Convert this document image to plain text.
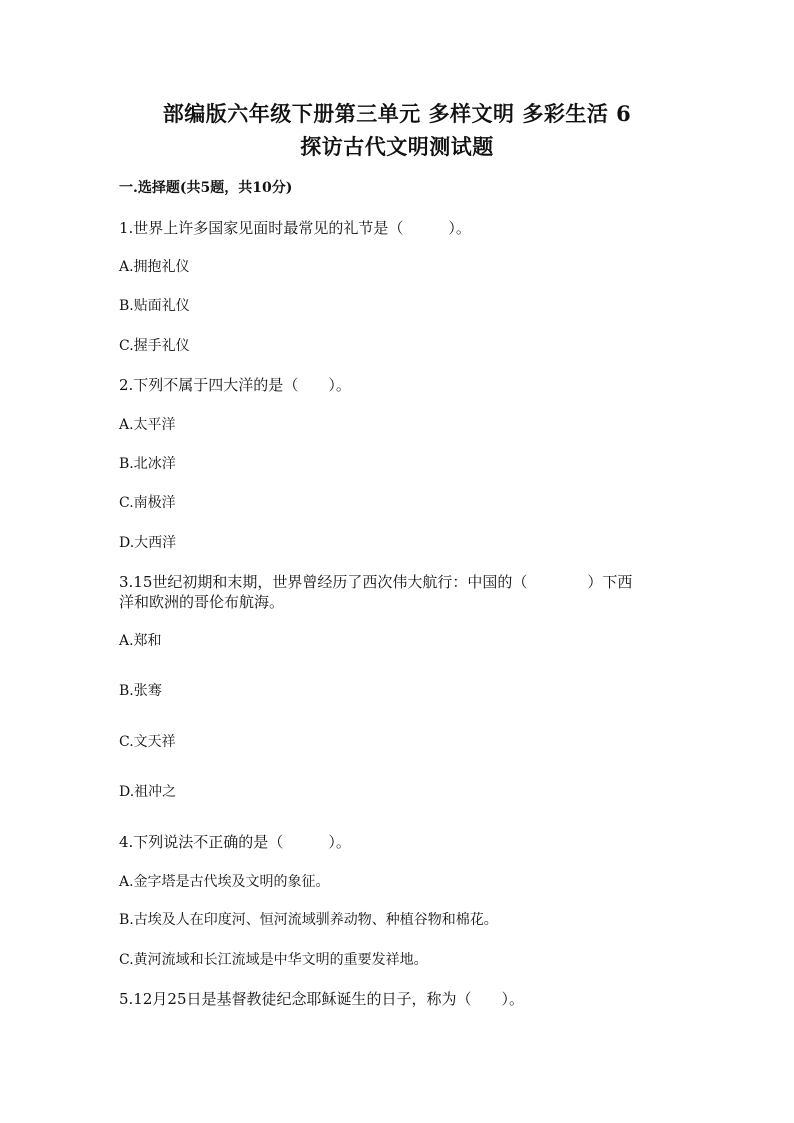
部编版六年级下册第三单元 多样文明 多彩生活 6
探访古代文明测试题
一.选择题(共5题，共10分)
1.世界上许多国家见面时最常见的礼节是（　　　）。
A.拥抱礼仪
B.贴面礼仪
C.握手礼仪
2.下列不属于四大洋的是（　　）。
A.太平洋
B.北冰洋
C.南极洋
D.大西洋
3.15世纪初期和末期，世界曾经历了西次伟大航行：中国的（　　　　）下西
洋和欧洲的哥伦布航海。
A.郑和
B.张骞
C.文天祥
D.祖冲之
4.下列说法不正确的是（　　　）。
A.金字塔是古代埃及文明的象征。
B.古埃及人在印度河、恒河流域驯养动物、种植谷物和棉花。
C.黄河流域和长江流域是中华文明的重要发祥地。
5.12月25日是基督教徒纪念耶稣诞生的日子，称为（　　）。
